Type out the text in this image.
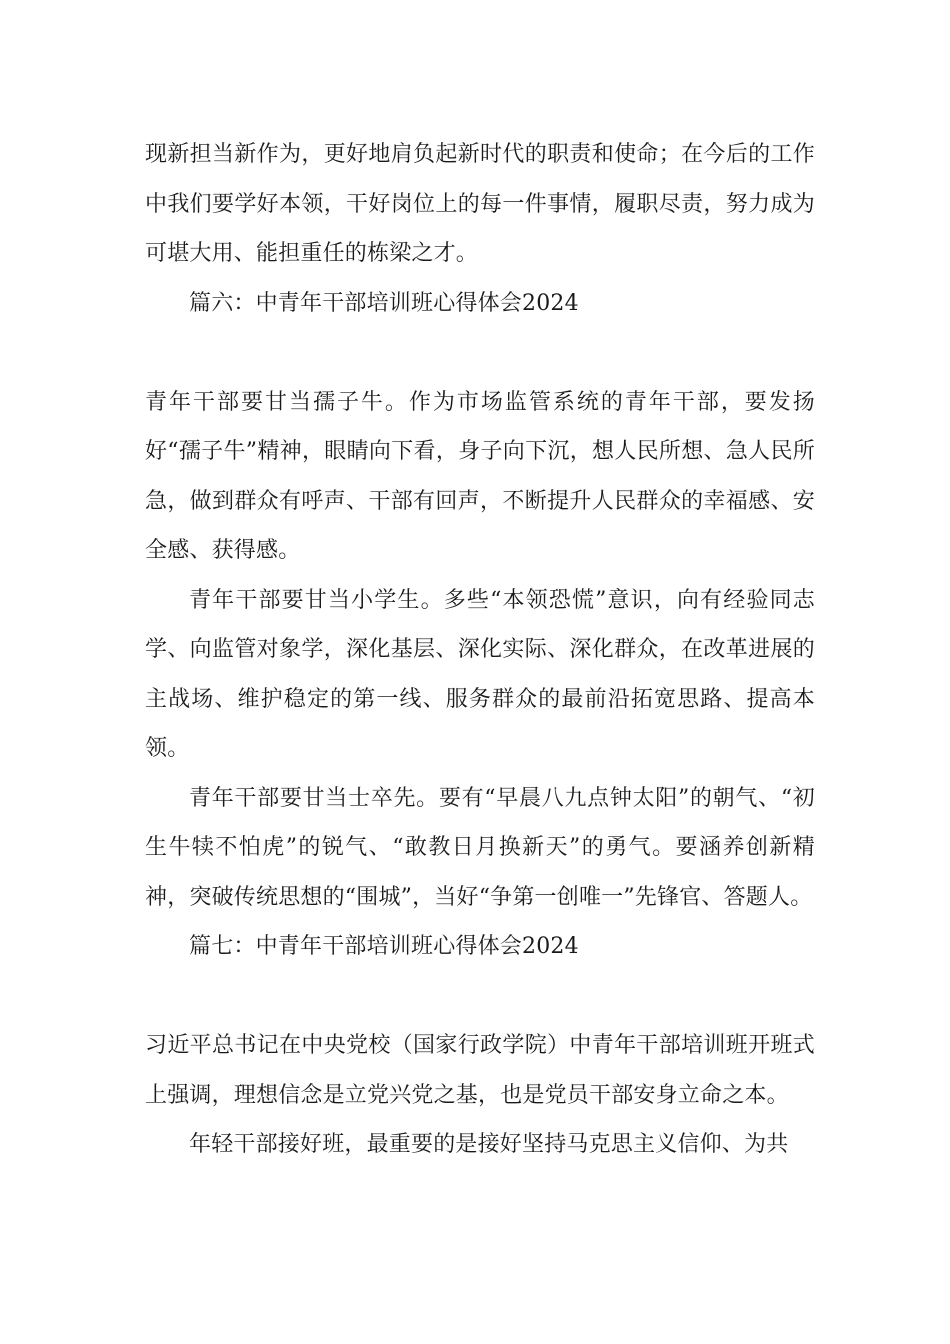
现新担当新作为，更好地肩负起新时代的职责和使命；在今后的工作中我们要学好本领，干好岗位上的每一件事情，履职尽责，努力成为可堪大用、能担重任的栋梁之才。

篇六：中青年干部培训班心得体会2024

青年干部要甘当孺子牛。作为市场监管系统的青年干部，要发扬好“孺子牛”精神，眼睛向下看，身子向下沉，想人民所想、急人民所急，做到群众有呼声、干部有回声，不断提升人民群众的幸福感、安全感、获得感。

青年干部要甘当小学生。多些“本领恐慌”意识，向有经验同志学、向监管对象学，深化基层、深化实际、深化群众，在改革进展的主战场、维护稳定的第一线、服务群众的最前沿拓宽思路、提高本领。

青年干部要甘当士卒先。要有“早晨八九点钟太阳”的朝气、“初生牛犊不怕虎”的锐气、“敢教日月换新天”的勇气。要涵养创新精神，突破传统思想的“围城”，当好“争第一创唯一”先锋官、答题人。

篇七：中青年干部培训班心得体会2024

习近平总书记在中央党校（国家行政学院）中青年干部培训班开班式上强调，理想信念是立党兴党之基，也是党员干部安身立命之本。

年轻干部接好班，最重要的是接好坚持马克思主义信仰、为共
